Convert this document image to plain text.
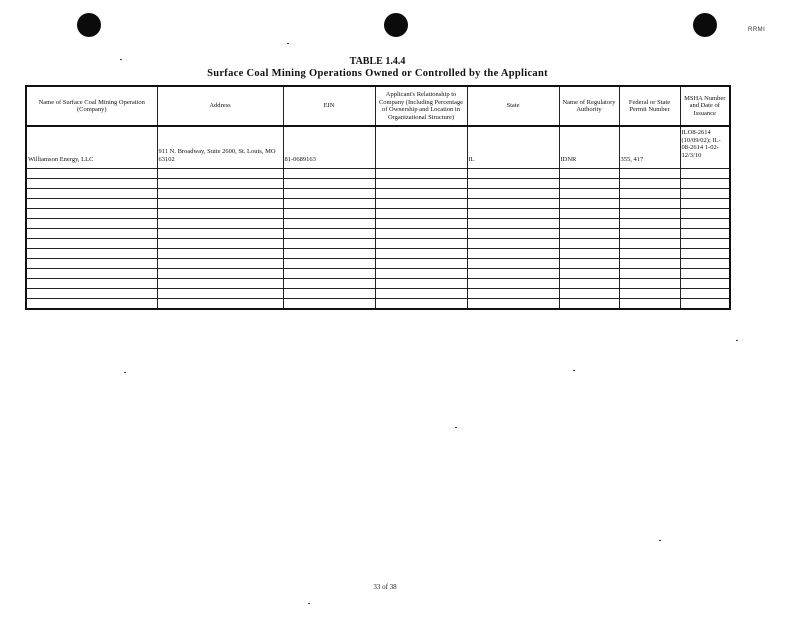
RRMI
TABLE 1.4.4
Surface Coal Mining Operations Owned or Controlled by the Applicant
Name of Surface Coal Mining Operation (Company)	Address	EIN	Applicant's Relationship to Company (Including Percentage of Ownership and Location in Organizational Structure)	State	Name of Regulatory Authority	Federal or State Permit Number	MSHA Number and Date of Issuance
Williamson Energy, LLC	911 N. Broadway, Suite 2600, St. Louis, MO 63102	81-0689163		IL	IDNR	355, 417	ILO8-2614 (10/09/02); IL-08-2614 1-02-12/3/10

33 of 38
